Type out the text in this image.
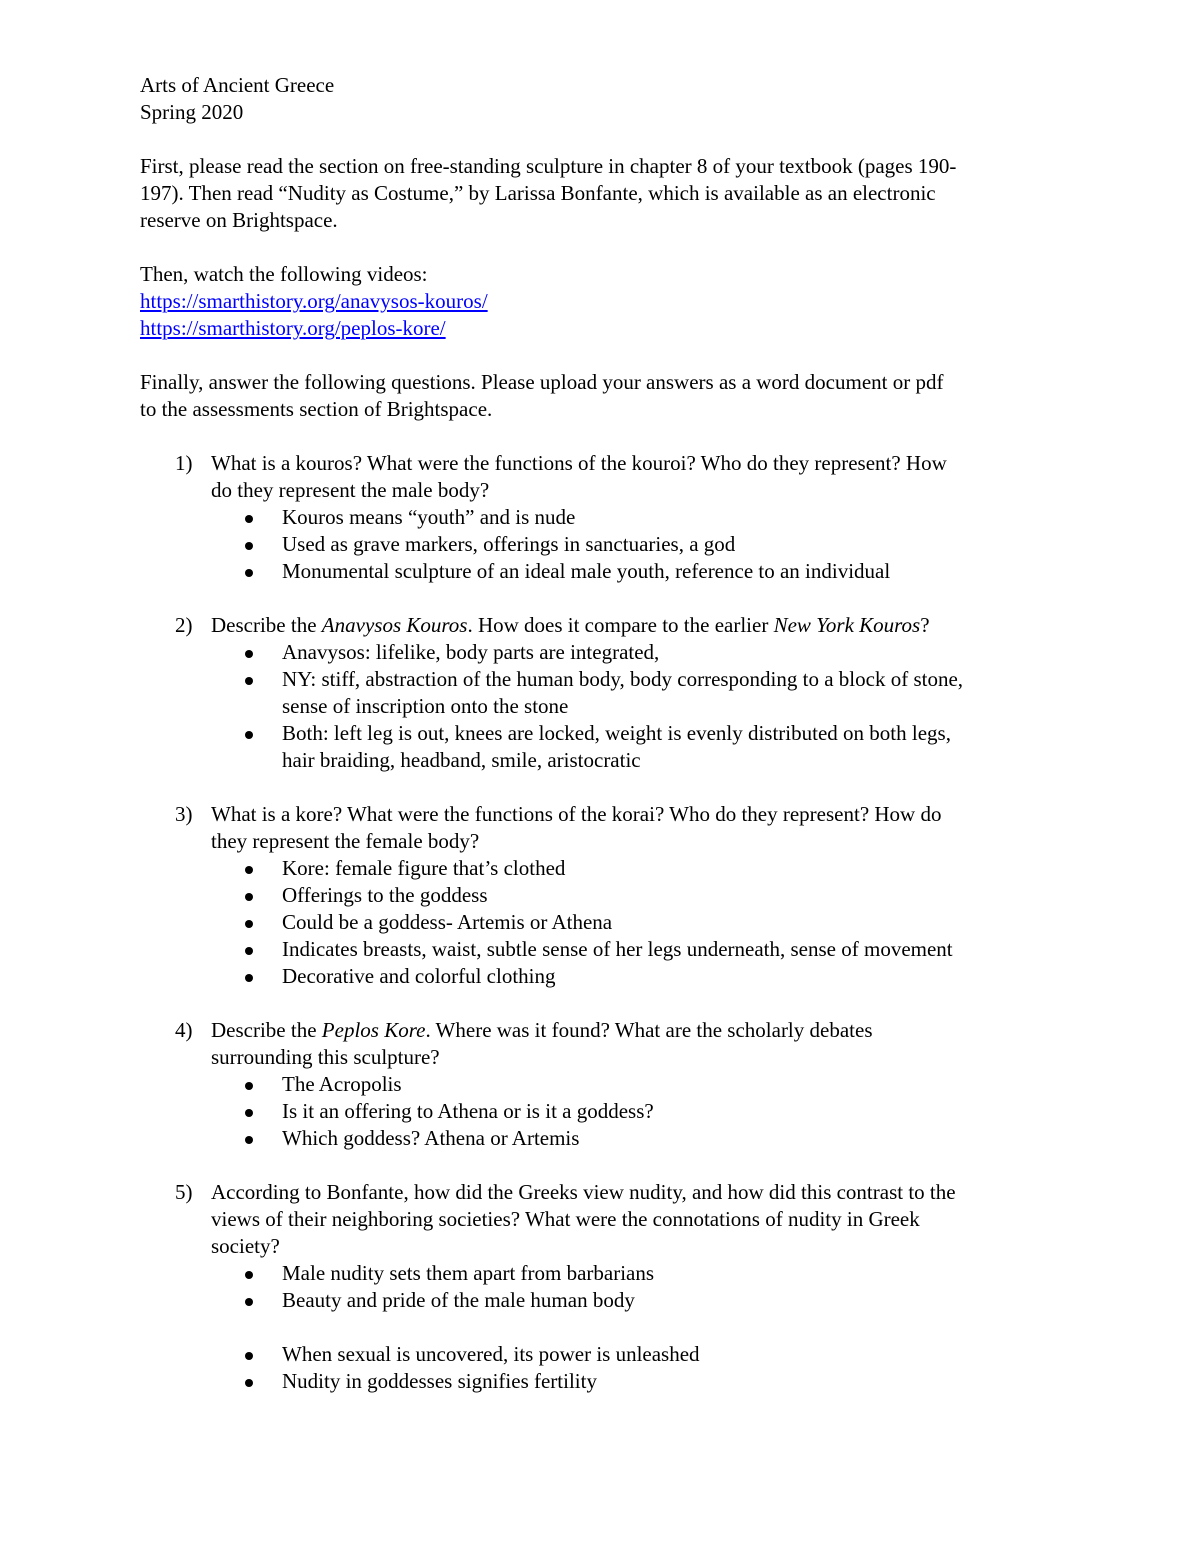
Arts of Ancient Greece

Spring 2020

First, please read the section on free-standing sculpture in chapter 8 of your textbook (pages 190-

197). Then read “Nudity as Costume,” by Larissa Bonfante, which is available as an electronic

reserve on Brightspace.

Then, watch the following videos:

https://smarthistory.org/anavysos-kouros/

https://smarthistory.org/peplos-kore/

Finally, answer the following questions. Please upload your answers as a word document or pdf

to the assessments section of Brightspace.

1) What is a kouros? What were the functions of the kouroi? Who do they represent? How

do they represent the male body?

Kouros means “youth” and is nude
Used as grave markers, offerings in sanctuaries, a god
Monumental sculpture of an ideal male youth, reference to an individual
2) Describe the Anavysos Kouros. How does it compare to the earlier New York Kouros?

Anavysos: lifelike, body parts are integrated,
NY: stiff, abstraction of the human body, body corresponding to a block of stone,
sense of inscription onto the stone
Both: left leg is out, knees are locked, weight is evenly distributed on both legs,
hair braiding, headband, smile, aristocratic
3) What is a kore? What were the functions of the korai? Who do they represent? How do

they represent the female body?

Kore: female figure that’s clothed
Offerings to the goddess
Could be a goddess- Artemis or Athena
Indicates breasts, waist, subtle sense of her legs underneath, sense of movement
Decorative and colorful clothing
4) Describe the Peplos Kore. Where was it found? What are the scholarly debates

surrounding this sculpture?

The Acropolis
Is it an offering to Athena or is it a goddess?
Which goddess? Athena or Artemis
5) According to Bonfante, how did the Greeks view nudity, and how did this contrast to the

views of their neighboring societies? What were the connotations of nudity in Greek

society?

Male nudity sets them apart from barbarians
Beauty and pride of the male human body
When sexual is uncovered, its power is unleashed
Nudity in goddesses signifies fertility
